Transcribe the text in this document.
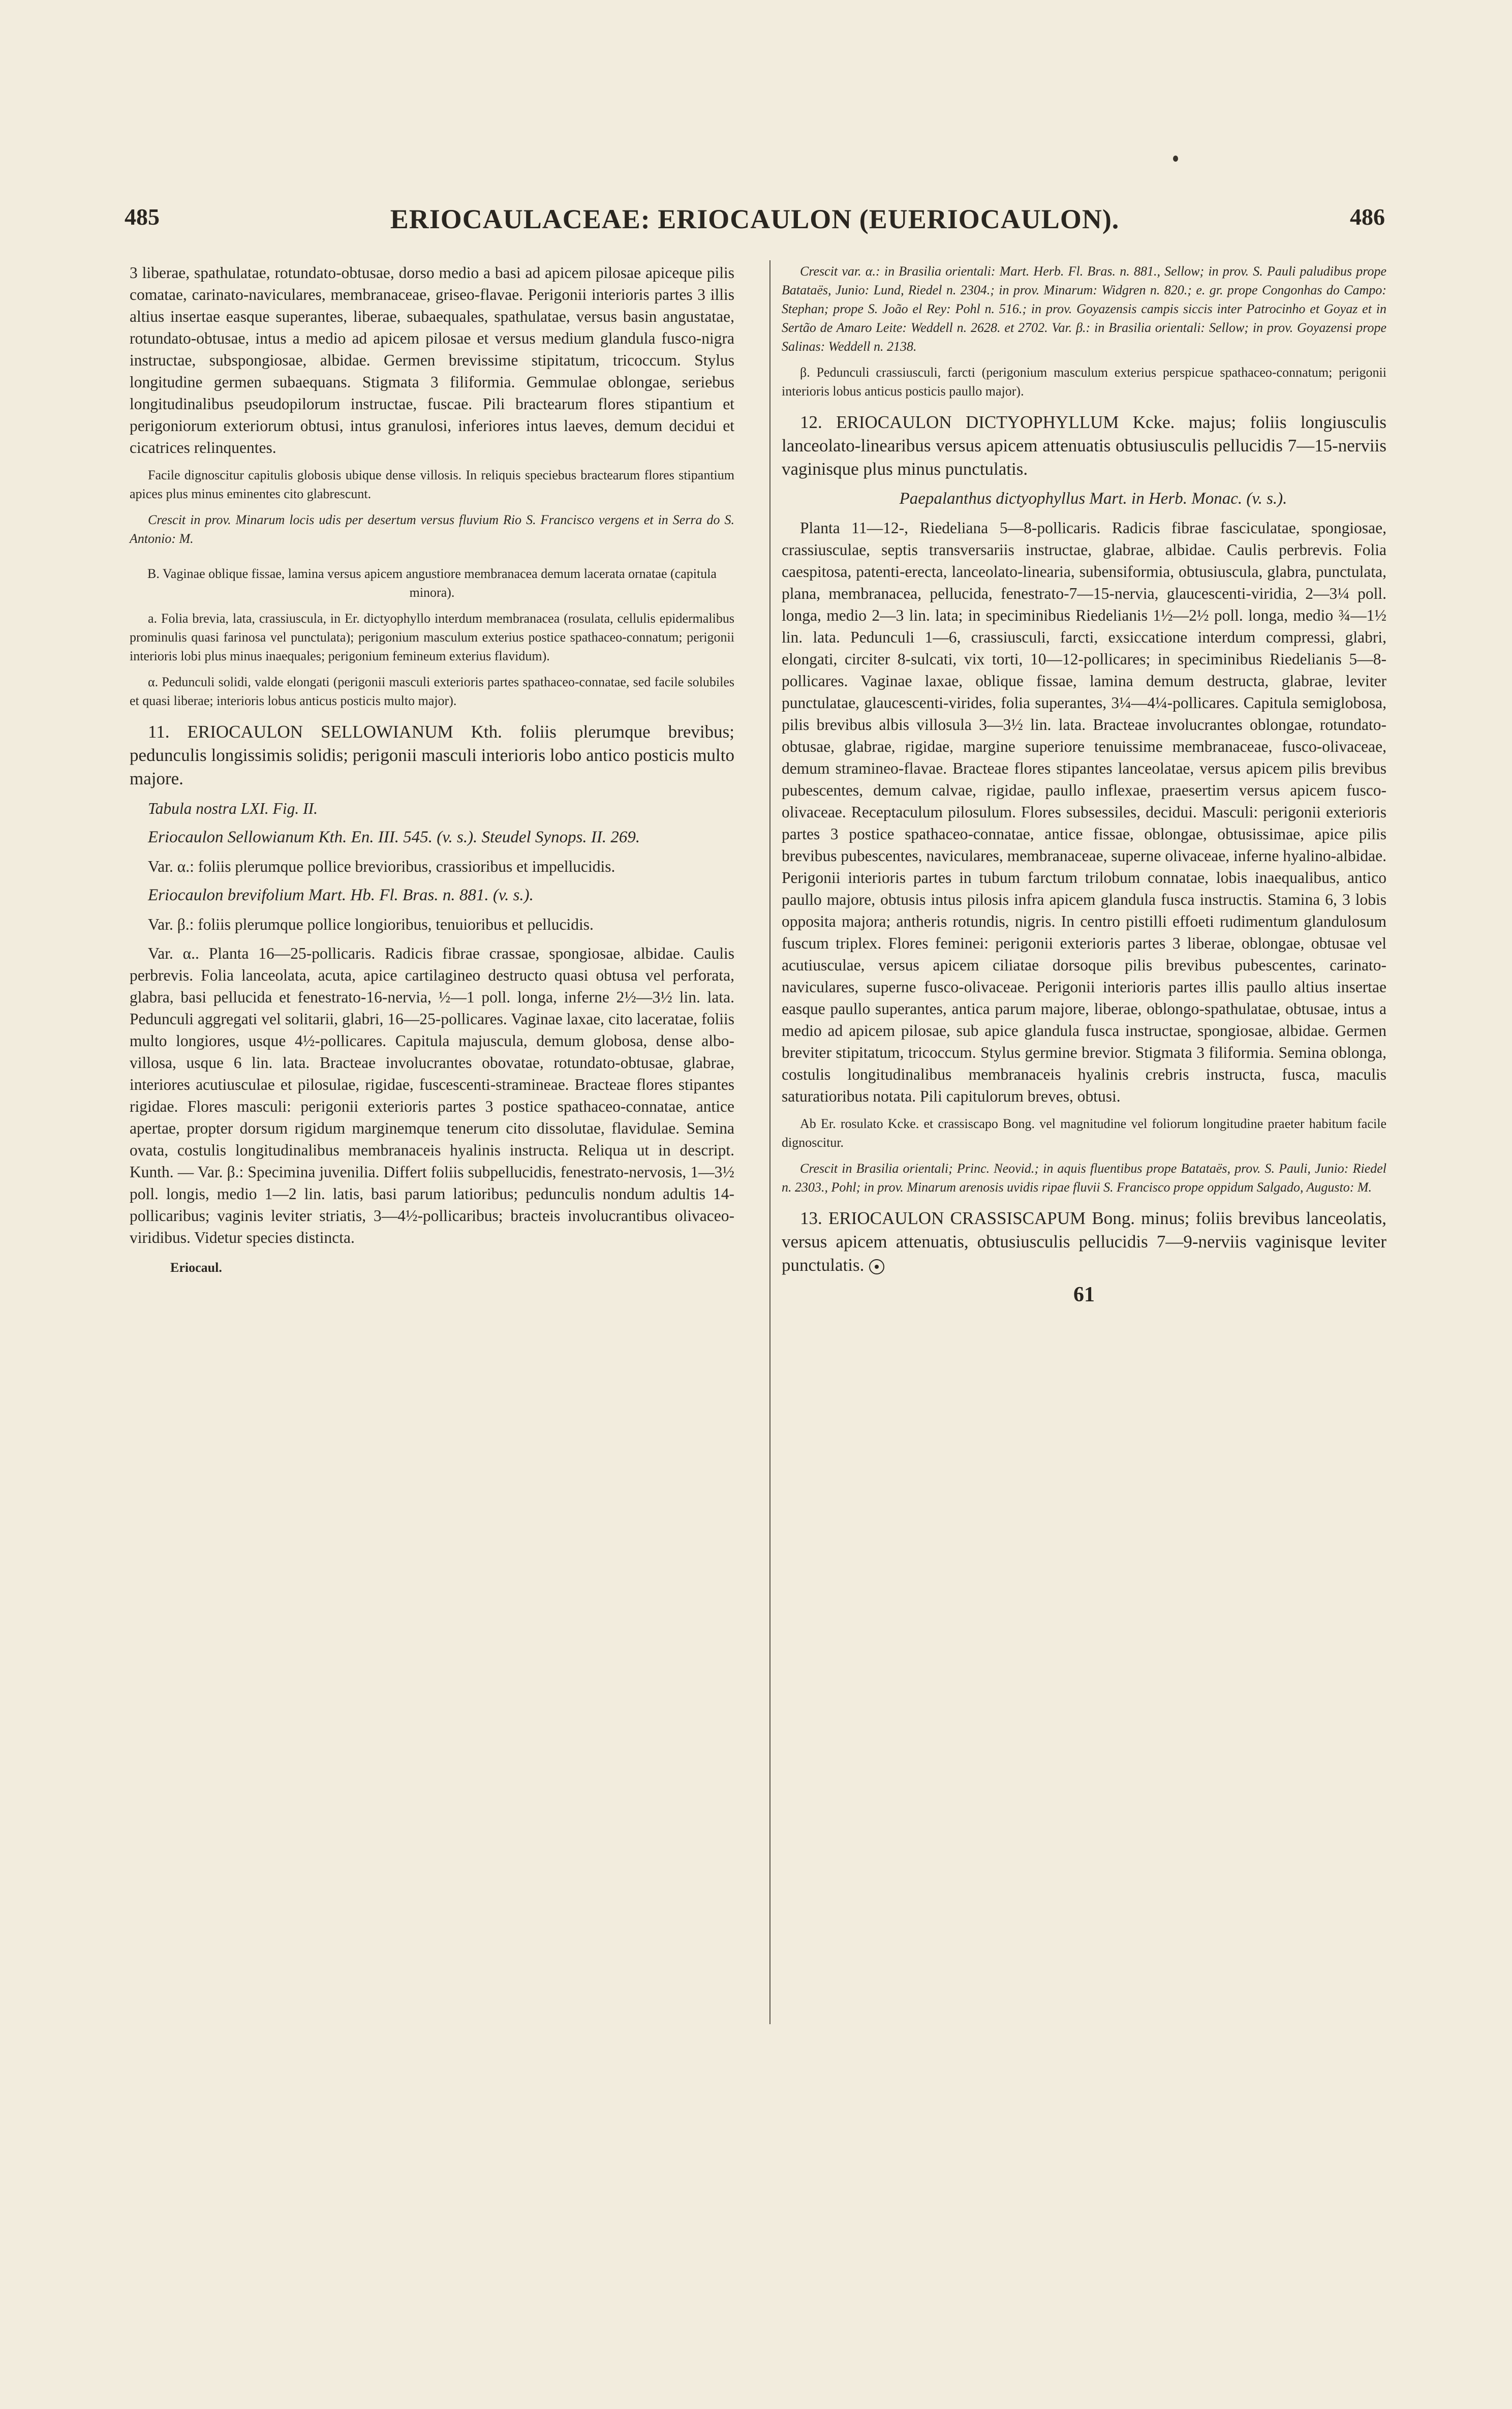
485	ERIOCAULACEAE: ERIOCAULON (EUERIOCAULON).	486

3 liberae, spathulatae, rotundato-obtusae, dorso medio a basi ad apicem pilosae apiceque pilis comatae, carinato-naviculares, membranaceae, griseo-flavae. Perigonii interioris partes 3 illis altius insertae easque superantes, liberae, subaequales, spathulatae, versus basin angustatae, rotundato-obtusae, intus a medio ad apicem pilosae et versus medium glandula fusco-nigra instructae, subspongiosae, albidae. Germen brevissime stipitatum, tricoccum. Stylus longitudine germen subaequans. Stigmata 3 filiformia. Gemmulae oblongae, seriebus longitudinalibus pseudopilorum instructae, fuscae. Pili bractearum flores stipantium et perigoniorum exteriorum obtusi, intus granulosi, inferiores intus laeves, demum decidui et cicatrices relinquentes.

Facile dignoscitur capitulis globosis ubique dense villosis. In reliquis speciebus bractearum flores stipantium apices plus minus eminentes cito glabrescunt.

Crescit in prov. Minarum locis udis per desertum versus fluvium Rio S. Francisco vergens et in Serra do S. Antonio: M.

B. Vaginae oblique fissae, lamina versus apicem angustiore membranacea demum lacerata ornatae (capitula minora).

a. Folia brevia, lata, crassiuscula, in Er. dictyophyllo interdum membranacea (rosulata, cellulis epidermalibus prominulis quasi farinosa vel punctulata); perigonium masculum exterius postice spathaceo-connatum; perigonii interioris lobi plus minus inaequales; perigonium femineum exterius flavidum).

α. Pedunculi solidi, valde elongati (perigonii masculi exterioris partes spathaceo-connatae, sed facile solubiles et quasi liberae; interioris lobus anticus posticis multo major).

11. ERIOCAULON SELLOWIANUM Kth. foliis plerumque brevibus; pedunculis longissimis solidis; perigonii masculi interioris lobo antico posticis multo majore.

Tabula nostra LXI. Fig. II.

Eriocaulon Sellowianum Kth. En. III. 545. (v. s.). Steudel Synops. II. 269.

Var. α.: foliis plerumque pollice brevioribus, crassioribus et impellucidis.

Eriocaulon brevifolium Mart. Hb. Fl. Bras. n. 881. (v. s.).

Var. β.: foliis plerumque pollice longioribus, tenuioribus et pellucidis.

Var. α.. Planta 16—25-pollicaris. Radicis fibrae crassae, spongiosae, albidae. Caulis perbrevis. Folia lanceolata, acuta, apice cartilagineo destructo quasi obtusa vel perforata, glabra, basi pellucida et fenestrato-16-nervia, ½—1 poll. longa, inferne 2½—3½ lin. lata. Pedunculi aggregati vel solitarii, glabri, 16—25-pollicares. Vaginae laxae, cito laceratae, foliis multo longiores, usque 4½-pollicares. Capitula majuscula, demum globosa, dense albo-villosa, usque 6 lin. lata. Bracteae involucrantes obovatae, rotundato-obtusae, glabrae, interiores acutiusculae et pilosulae, rigidae, fuscescenti-stramineae. Bracteae flores stipantes rigidae. Flores masculi: perigonii exterioris partes 3 postice spathaceo-connatae, antice apertae, propter dorsum rigidum marginemque tenerum cito dissolutae, flavidulae. Semina ovata, costulis longitudinalibus membranaceis hyalinis instructa. Reliqua ut in descript. Kunth. — Var. β.: Specimina juvenilia. Differt foliis subpellucidis, fenestrato-nervosis, 1—3½ poll. longis, medio 1—2 lin. latis, basi parum latioribus; pedunculis nondum adultis 14-pollicaribus; vaginis leviter striatis, 3—4½-pollicaribus; bracteis involucrantibus olivaceo-viridibus. Videtur species distincta.

Eriocaul.

Crescit var. α.: in Brasilia orientali: Mart. Herb. Fl. Bras. n. 881., Sellow; in prov. S. Pauli paludibus prope Batataës, Junio: Lund, Riedel n. 2304.; in prov. Minarum: Widgren n. 820.; e. gr. prope Congonhas do Campo: Stephan; prope S. João el Rey: Pohl n. 516.; in prov. Goyazensis campis siccis inter Patrocinho et Goyaz et in Sertão de Amaro Leite: Weddell n. 2628. et 2702. Var. β.: in Brasilia orientali: Sellow; in prov. Goyazensi prope Salinas: Weddell n. 2138.

β. Pedunculi crassiusculi, farcti (perigonium masculum exterius perspicue spathaceo-connatum; perigonii interioris lobus anticus posticis paullo major).

12. ERIOCAULON DICTYOPHYLLUM Kcke. majus; foliis longiusculis lanceolato-linearibus versus apicem attenuatis obtusiusculis pellucidis 7—15-nerviis vaginisque plus minus punctulatis.

Paepalanthus dictyophyllus Mart. in Herb. Monac. (v. s.).

Planta 11—12-, Riedeliana 5—8-pollicaris. Radicis fibrae fasciculatae, spongiosae, crassiusculae, septis transversariis instructae, glabrae, albidae. Caulis perbrevis. Folia caespitosa, patenti-erecta, lanceolato-linearia, subensiformia, obtusiuscula, glabra, punctulata, plana, membranacea, pellucida, fenestrato-7—15-nervia, glaucescenti-viridia, 2—3¼ poll. longa, medio 2—3 lin. lata; in speciminibus Riedelianis 1½—2½ poll. longa, medio ¾—1½ lin. lata. Pedunculi 1—6, crassiusculi, farcti, exsiccatione interdum compressi, glabri, elongati, circiter 8-sulcati, vix torti, 10—12-pollicares; in speciminibus Riedelianis 5—8-pollicares. Vaginae laxae, oblique fissae, lamina demum destructa, glabrae, leviter punctulatae, glaucescenti-virides, folia superantes, 3¼—4¼-pollicares. Capitula semiglobosa, pilis brevibus albis villosula 3—3½ lin. lata. Bracteae involucrantes oblongae, rotundato-obtusae, glabrae, rigidae, margine superiore tenuissime membranaceae, fusco-olivaceae, demum stramineo-flavae. Bracteae flores stipantes lanceolatae, versus apicem pilis brevibus pubescentes, demum calvae, rigidae, paullo inflexae, praesertim versus apicem fusco-olivaceae. Receptaculum pilosulum. Flores subsessiles, decidui. Masculi: perigonii exterioris partes 3 postice spathaceo-connatae, antice fissae, oblongae, obtusissimae, apice pilis brevibus pubescentes, naviculares, membranaceae, superne olivaceae, inferne hyalino-albidae. Perigonii interioris partes in tubum farctum trilobum connatae, lobis inaequalibus, antico paullo majore, obtusis intus pilosis infra apicem glandula fusca instructis. Stamina 6, 3 lobis opposita majora; antheris rotundis, nigris. In centro pistilli effoeti rudimentum glandulosum fuscum triplex. Flores feminei: perigonii exterioris partes 3 liberae, oblongae, obtusae vel acutiusculae, versus apicem ciliatae dorsoque pilis brevibus pubescentes, carinato-naviculares, superne fusco-olivaceae. Perigonii interioris partes illis paullo altius insertae easque paullo superantes, antica parum majore, liberae, oblongo-spathulatae, obtusae, intus a medio ad apicem pilosae, sub apice glandula fusca instructae, spongiosae, albidae. Germen breviter stipitatum, tricoccum. Stylus germine brevior. Stigmata 3 filiformia. Semina oblonga, costulis longitudinalibus membranaceis hyalinis crebris instructa, fusca, maculis saturatioribus notata. Pili capitulorum breves, obtusi.

Ab Er. rosulato Kcke. et crassiscapo Bong. vel magnitudine vel foliorum longitudine praeter habitum facile dignoscitur.

Crescit in Brasilia orientali; Princ. Neovid.; in aquis fluentibus prope Batataës, prov. S. Pauli, Junio: Riedel n. 2303., Pohl; in prov. Minarum arenosis uvidis ripae fluvii S. Francisco prope oppidum Salgado, Augusto: M.

13. ERIOCAULON CRASSISCAPUM Bong. minus; foliis brevibus lanceolatis, versus apicem attenuatis, obtusiusculis pellucidis 7—9-nerviis vaginisque leviter punctulatis.

61
